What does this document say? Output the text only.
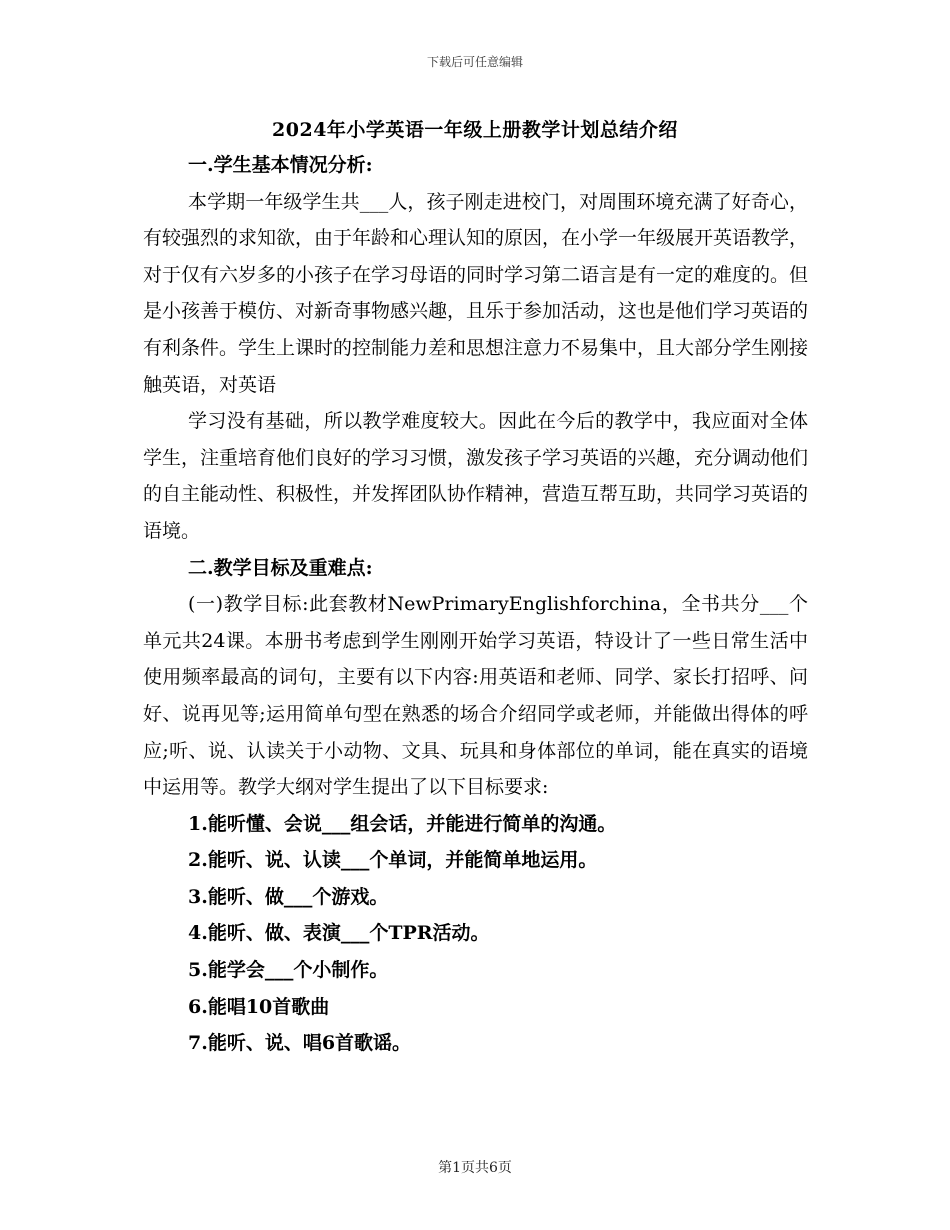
下载后可任意编辑
2024年小学英语一年级上册教学计划总结介绍

一.学生基本情况分析:

本学期一年级学生共___人，孩子刚走进校门，对周围环境充满了好奇心，有较强烈的求知欲，由于年龄和心理认知的原因，在小学一年级展开英语教学，对于仅有六岁多的小孩子在学习母语的同时学习第二语言是有一定的难度的。但是小孩善于模仿、对新奇事物感兴趣，且乐于参加活动，这也是他们学习英语的有利条件。学生上课时的控制能力差和思想注意力不易集中，且大部分学生刚接触英语，对英语

学习没有基础，所以教学难度较大。因此在今后的教学中，我应面对全体学生，注重培育他们良好的学习习惯，激发孩子学习英语的兴趣，充分调动他们的自主能动性、积极性，并发挥团队协作精神，营造互帮互助，共同学习英语的语境。

二.教学目标及重难点:

(一)教学目标:此套教材NewPrimaryEnglishforchina，全书共分___个单元共24课。本册书考虑到学生刚刚开始学习英语，特设计了一些日常生活中使用频率最高的词句，主要有以下内容:用英语和老师、同学、家长打招呼、问好、说再见等;运用简单句型在熟悉的场合介绍同学或老师，并能做出得体的呼应;听、说、认读关于小动物、文具、玩具和身体部位的单词，能在真实的语境中运用等。教学大纲对学生提出了以下目标要求:

1.能听懂、会说___组会话，并能进行简单的沟通。

2.能听、说、认读___个单词，并能简单地运用。

3.能听、做___个游戏。

4.能听、做、表演___个TPR活动。

5.能学会___个小制作。

6.能唱10首歌曲

7.能听、说、唱6首歌谣。

第1页共6页
